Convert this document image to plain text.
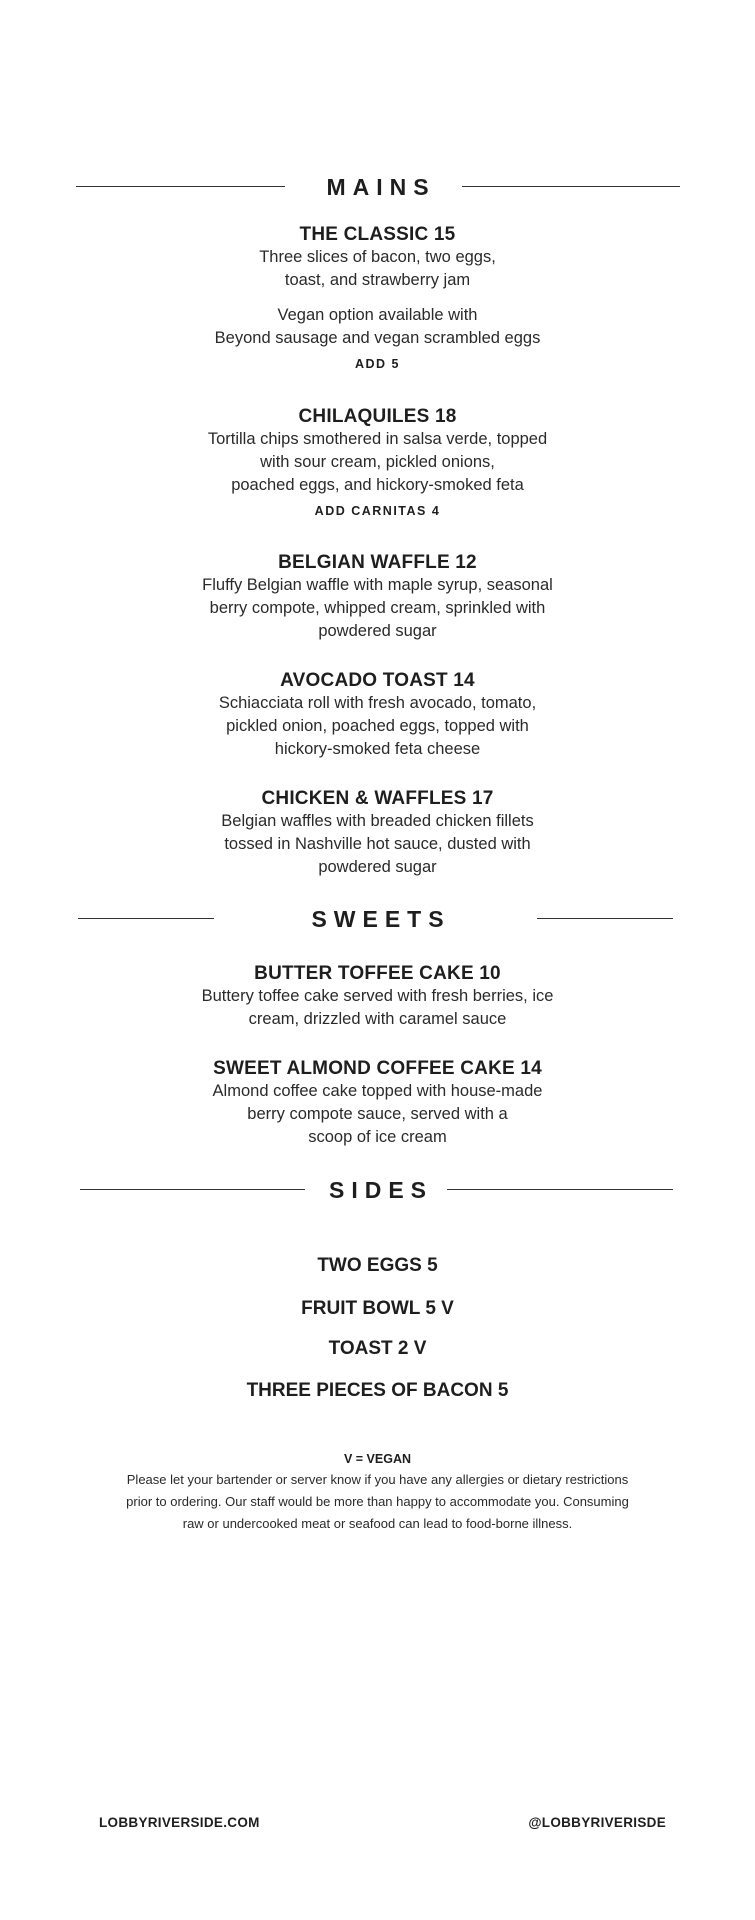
MAINS
THE CLASSIC 15
Three slices of bacon, two eggs,
toast, and strawberry jam
Vegan option available with
Beyond sausage and vegan scrambled eggs
ADD 5
CHILAQUILES 18
Tortilla chips smothered in salsa verde, topped
with sour cream, pickled onions,
poached eggs, and hickory-smoked feta
ADD CARNITAS 4
BELGIAN WAFFLE 12
Fluffy Belgian waffle with maple syrup, seasonal
berry compote, whipped cream, sprinkled with
powdered sugar
AVOCADO TOAST 14
Schiacciata roll with fresh avocado, tomato,
pickled onion, poached eggs, topped with
hickory-smoked feta cheese
CHICKEN & WAFFLES 17
Belgian waffles with breaded chicken fillets
tossed in Nashville hot sauce, dusted with
powdered sugar
SWEETS
BUTTER TOFFEE CAKE 10
Buttery toffee cake served with fresh berries, ice
cream, drizzled with caramel sauce
SWEET ALMOND COFFEE CAKE 14
Almond coffee cake topped with house-made
berry compote sauce, served with a
scoop of ice cream
SIDES
TWO EGGS 5
FRUIT BOWL 5 V
TOAST 2 V
THREE PIECES OF BACON 5
V = VEGAN
Please let your bartender or server know if you have any allergies or dietary restrictions
prior to ordering. Our staff would be more than happy to accommodate you. Consuming
raw or undercooked meat or seafood can lead to food-borne illness.
LOBBYRIVERSIDE.COM	@LOBBYRIVERISDE
